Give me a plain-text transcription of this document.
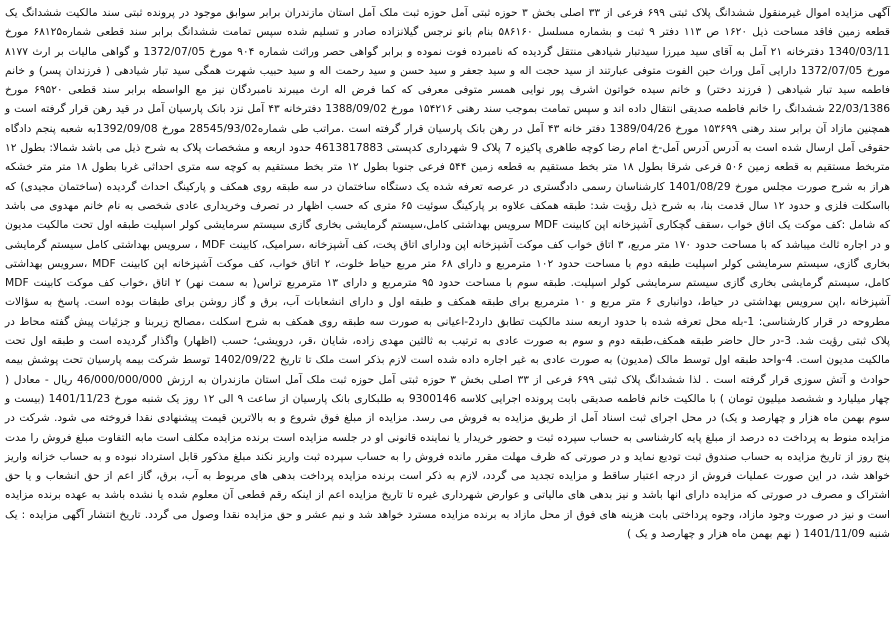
آگهی مزایده اموال غیرمنقول ششدانگ پلاک ثبتی ۶۹۹ فرعی از ۳۳ اصلی بخش ۳ حوزه ثبتی آمل حوزه ثبت ملک آمل استان مازندران برابر سوابق موجود در پرونده ثبتی سند مالکیت ششدانگ یک قطعه زمین فاقد مساحت ذیل ۱۶۲۰ ص ۱۱۳ دفتر ۹ ثبت و بشماره مسلسل ۵۸۶۱۶۰ بنام بانو نرجس گیلانزاده صادر و تسلیم شده سپس تمامت ششدانگ برابر سند قطعی شماره۶۸۱۲۵ مورخ 1340/03/11 دفترخانه ۲۱ آمل به آقای سید میرزا سیدتبار شیادهی منتقل گردیده که نامبرده فوت نموده و برابر گواهی حصر وراثت شماره ۹۰۴ مورخ 1372/07/05 و گواهی مالیات بر ارث ۸۱۷۷ مورخ 1372/07/05 دارایی آمل وراث حین الفوت متوفی عبارتند از سید حجت اله و سید جعفر و سید حسن و سید رحمت اله و سید حبیب شهرت همگی سید تبار شیادهی ( فرزندان پسر) و خانم فاطمه سید تبار شیادهی ( فرزند دختر) و خانم سیده خواتون اشرف پور نوایی همسر متوفی معرفی که کما فرض اله ارث میبرند نامبردگان نیز مع الواسطه برابر سند قطعی ۶۹۵۲۰ مورخ 22/03/1386 ششدانگ را خانم فاطمه صدیقی انتقال داده اند و سپس تمامت بموجب سند رهنی ۱۵۴۲۱۶ مورخ 1388/09/02 دفترخانه ۴۳ آمل نزد بانک پارسیان آمل در قید رهن قرار گرفته است و همچنین مازاد آن برابر سند رهنی ۱۵۳۶۹۹ مورخ 1389/04/26 دفتر خانه ۴۳ آمل در رهن بانک پارسیان قرار گرفته است .مراتب طی شماره28545/93/02 مورخ 1392/09/08به شعبه پنجم دادگاه حقوقی آمل ارسال شده است به آدرس آدرس آمل-خ امام رضا کوچه طاهری پاکیزه 7 پلاک 9 شهرداری کدپستی 4613817883 حدود اربعه و مشخصات پلاک به شرح ذیل می باشد شمالا: بطول ۱۲ متربخط مستقیم به قطعه زمین ۵۰۶ فرعی شرقا بطول ۱۸ متر بخط مستقیم به قطعه زمین ۵۴۴ فرعی جنوبا بطول ۱۲ متر بخط مستقیم به کوچه سه متری احداثی غربا بطول ۱۸ متر متر خشکه هراز به شرح صورت مجلس مورخ 1401/08/29 کارشناسان رسمی دادگستری در عرصه تعرفه شده یک دستگاه ساختمان در سه طبقه روی همکف و پارکینگ احداث گردیده (ساختمان مجیدی) که بااسکلت فلزی و حدود ۱۲ سال قدمت بنا، به شرح ذیل رؤیت شد: طبقه همکف علاوه بر پارکینگ سوئیت ۶۵ متری که حسب اظهار در تصرف وخریداری عادی شخصی به نام خانم مهدوی می باشد که شامل :کف موکت یک اتاق خواب ،سقف گچکاری آشپزخانه اپن کابینت MDF سرویس بهداشتی کامل،سیستم گرمایشی بخاری گازی سیستم سرمایشی کولر اسپلیت طبقه اول تحت مالکیت مدیون و در اجاره ثالث میباشد که با مساحت حدود ۱۷۰ متر مربع، ۳ اتاق خواب کف موکت آشپزخانه اپن ودارای اتاق پخت، کف آشپزخانه ،سرامیک، کابینت MDF ، سرویس بهداشتی کامل سیستم گرمایشی بخاری گازی، سیستم سرمایشی کولر اسپلیت طبقه دوم با مساحت حدود ۱۰۲ مترمربع و دارای ۶۸ متر مربع حیاط خلوت، ۲ اتاق خواب، کف موکت آشپزخانه اپن کابینت MDF ،سرویس بهداشتی کامل، سیستم گرمایشی بخاری گازی سیستم سرمایشی کولر اسپلیت. طبقه سوم با مساحت حدود ۹۵ مترمربع و دارای ۱۳ مترمربع تراس( به سمت نهر) ۲ اتاق ،خواب کف موکت کابینت MDF آشپزخانه ،اپن سرویس بهداشتی در حیاط، دوانباری ۶ متر مربع و ۱۰ مترمربع برای طبقه همکف و طبقه اول و دارای انشعابات آب، برق و گاز روشن برای طبقات بوده است. پاسخ به سؤالات مطروحه در قرار کارشناسی: 1-بله محل تعرفه شده با حدود اربعه سند مالکیت تطابق دارد2-اعیانی به صورت سه طبقه روی همکف به شرح اسکلت ،مصالح زیربنا و جزئیات پیش گفته محاط در پلاک ثبتی رؤیت شد. 3-در حال حاضر طبقه همکف،طبقه دوم و سوم به صورت عادی به ترتیب به ثالثین مهدی زاده، شایان ،قر، درویشی؛ حسب (اظهار) واگذار گردیده است و طبقه اول تحت مالکیت مدیون است. 4-واحد طبقه اول توسط مالک (مدیون) به صورت عادی به غیر اجاره داده شده است لازم بذکر است ملک تا تاریخ 1402/09/22 توسط شرکت بیمه پارسیان تحت پوشش بیمه حوادث و آتش سوزی قرار گرفته است . لذا ششدانگ پلاک ثبتی ۶۹۹ فرعی از ۳۳ اصلی بخش ۳ حوزه ثبتی آمل حوزه ثبت ملک آمل استان مازندران به ارزش 46/000/000/000 ریال - معادل ( چهار میلیارد و ششصد میلیون تومان ) با مالکیت خانم فاطمه صدیقی بابت پرونده اجرایی کلاسه 9300146 به طلبکاری بانک پارسیان از ساعت ۹ الی ۱۲ روز یک شنبه مورخ 1401/11/23 (بیست و سوم بهمن ماه هزار و چهارصد و یک) در محل اجرای ثبت اسناد آمل از طریق مزایده به فروش می رسد. مزایده از مبلغ فوق شروع و به بالاترین قیمت پیشنهادی نقدا فروخته می شود. شرکت در مزایده منوط به پرداخت ده درصد از مبلغ پایه کارشناسی به حساب سپرده ثبت و حضور خریدار یا نماینده قانونی او در جلسه مزایده است برنده مزایده مکلف است مابه التفاوت مبلغ فروش را مدت پنج روز از تاریخ مزایده به حساب صندوق ثبت تودیع نماید و در صورتی که ظرف مهلت مقرر مانده فروش را به حساب سپرده ثبت واریز نکند مبلغ مذکور قابل استرداد نبوده و به حساب خزانه واریز خواهد شد، در این صورت عملیات فروش از درجه اعتبار ساقط و مزایده تجدید می گردد، لازم به ذکر است برنده مزایده پرداخت بدهی های مربوط به آب، برق، گاز اعم از حق انشعاب و یا حق اشتراک و مصرف در صورتی که مزایده دارای انها باشد و نیز بدهی های مالیاتی و عوارض شهرداری غیره تا تاریخ مزایده اعم از اینکه رقم قطعی آن معلوم شده یا نشده باشد به عهده برنده مزایده است و نیز در صورت وجود مازاد، وجوه پرداختی بابت هزینه های فوق از محل مازاد به برنده مزایده مسترد خواهد شد و نیم عشر و حق مزایده نقدا وصول می گردد. تاریخ انتشار آگهی مزایده : یک شنبه 1401/11/09 ( نهم بهمن ماه هزار و چهارصد و یک )
